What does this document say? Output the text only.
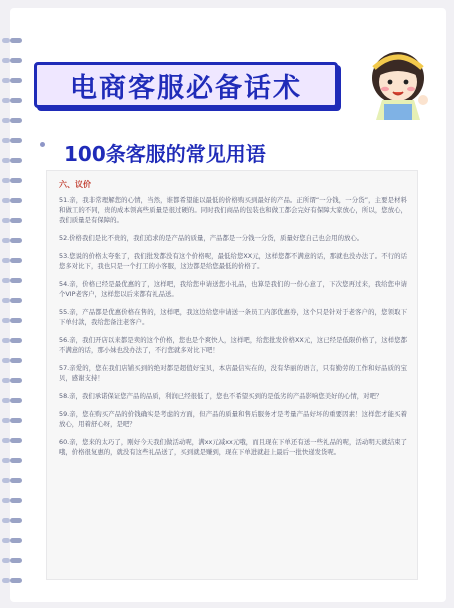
电商客服必备话术
100条客服的常见用语
六、议价

51.亲，我非常理解您的心情，当然，谁都希望能以最低的价格购买到最好的产品。正所谓“一分钱，一分货”，主要是材料和做工的不同，贵的成本领高些质量是很过硬的。同时我们商品的包装也和做工都会完好有保障大家放心，所以，您放心，我们质量是有保障的。

52.价格我们是比不贵的，我们追求的是产品的质量，产品都是一分钱一分货，质量好您自己也会用的放心。

53.您说的价格太夸张了，我们批发都没有这个价格呢，最低给您XX元，这样您都不满意的话，那就也没办法了。不行的话您多对比下，我也只是一个打工的小客服，这边都是给您最低的价格了。

54.亲，价格已经是最优惠的了，这样吧，我给您申请送您小礼品，也算是我们的一份心意了，下次您再过来，我给您申请个VIP老客户，这样您以后来都有礼品送。

55.亲，产品都是优惠价格在售的，这样吧，我这边给您申请送一条员工内部优惠券，这个只是针对于老客户的，您领取下下单付款，我给您备注老客户。

56.亲，我们开店以来都是卖的这个价格，您也是个爽快人，这样吧，给您批发价格XX元，这已经是低限价格了，这样您都不满意的话，那小妹也没办法了，不行您就多对比下吧！

57.亲爱的，您在我们店铺买到的绝对都是超值好宝贝，本店最信实在的，没有华丽的语言，只有勤劳的工作和好品质的宝贝，感谢支持！

58.亲，我们承诺保证您产品的品质，利润已经很低了，您也不希望买到的是低劣的产品影响您美好的心情，对吧？

59.亲，您在购买产品的价钱确实是考虑的方面，但产品的质量和售后服务才是考量产品好坏的重要因素！这样您才能买着放心，用着舒心呀，是吧？

60.亲，您来的太巧了，刚好今天我们做活动呢，满xx元减xx元哦，而且现在下单还有送一些礼品的呢，活动明天就结束了哦，价格很复惠的，就没有这些礼品送了，买到就是赚到，现在下单进就赶上最后一批快递发货呢。
